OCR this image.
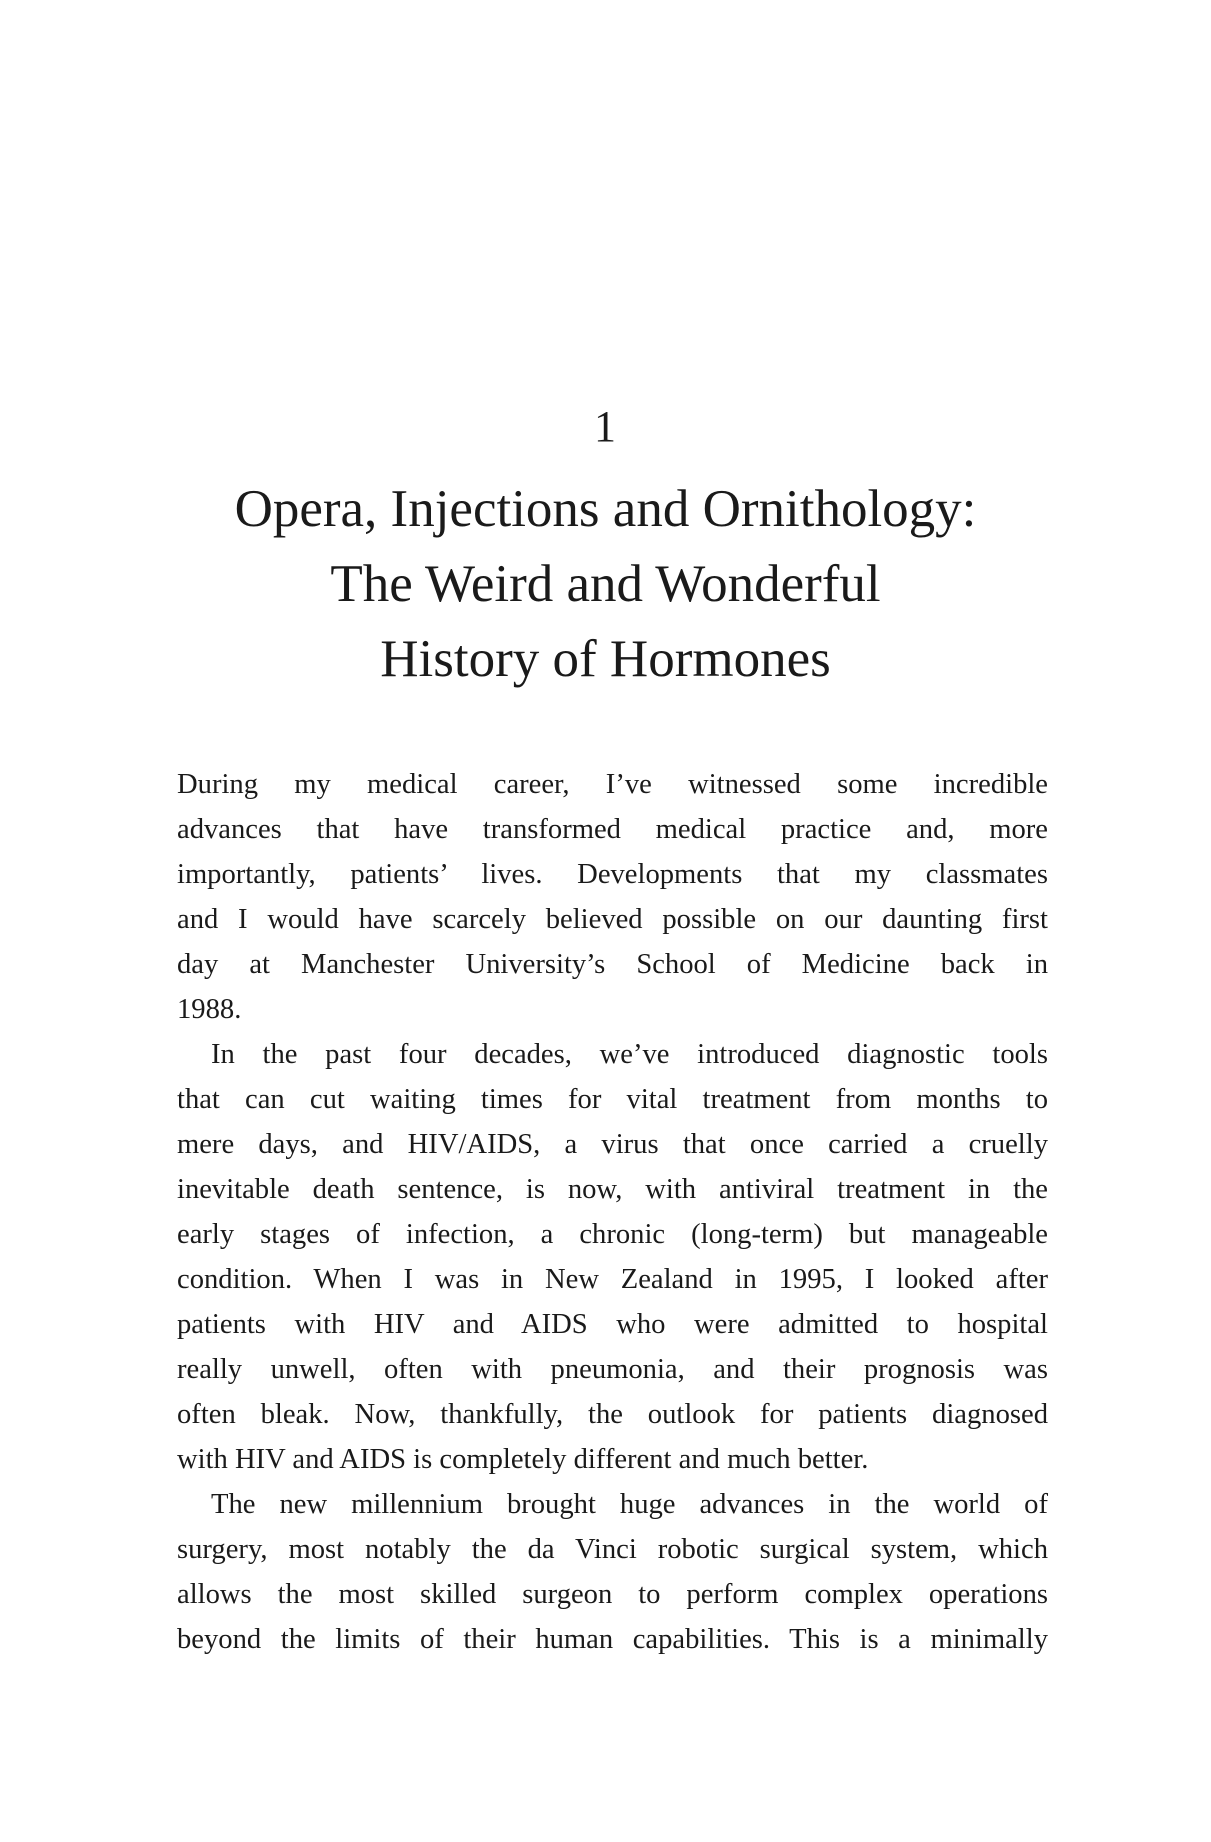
1
Opera, Injections and Ornithology:
The Weird and Wonderful
History of Hormones
During my medical career, I’ve witnessed some incredible
advances that have transformed medical practice and, more
importantly, patients’ lives. Developments that my classmates
and I would have scarcely believed possible on our daunting first
day at Manchester University’s School of Medicine back in
1988.
In the past four decades, we’ve introduced diagnostic tools
that can cut waiting times for vital treatment from months to
mere days, and HIV/AIDS, a virus that once carried a cruelly
inevitable death sentence, is now, with antiviral treatment in the
early stages of infection, a chronic (long-term) but manageable
condition. When I was in New Zealand in 1995, I looked after
patients with HIV and AIDS who were admitted to hospital
really unwell, often with pneumonia, and their prognosis was
often bleak. Now, thankfully, the outlook for patients diagnosed
with HIV and AIDS is completely different and much better.
The new millennium brought huge advances in the world of
surgery, most notably the da Vinci robotic surgical system, which
allows the most skilled surgeon to perform complex operations
beyond the limits of their human capabilities. This is a minimally
